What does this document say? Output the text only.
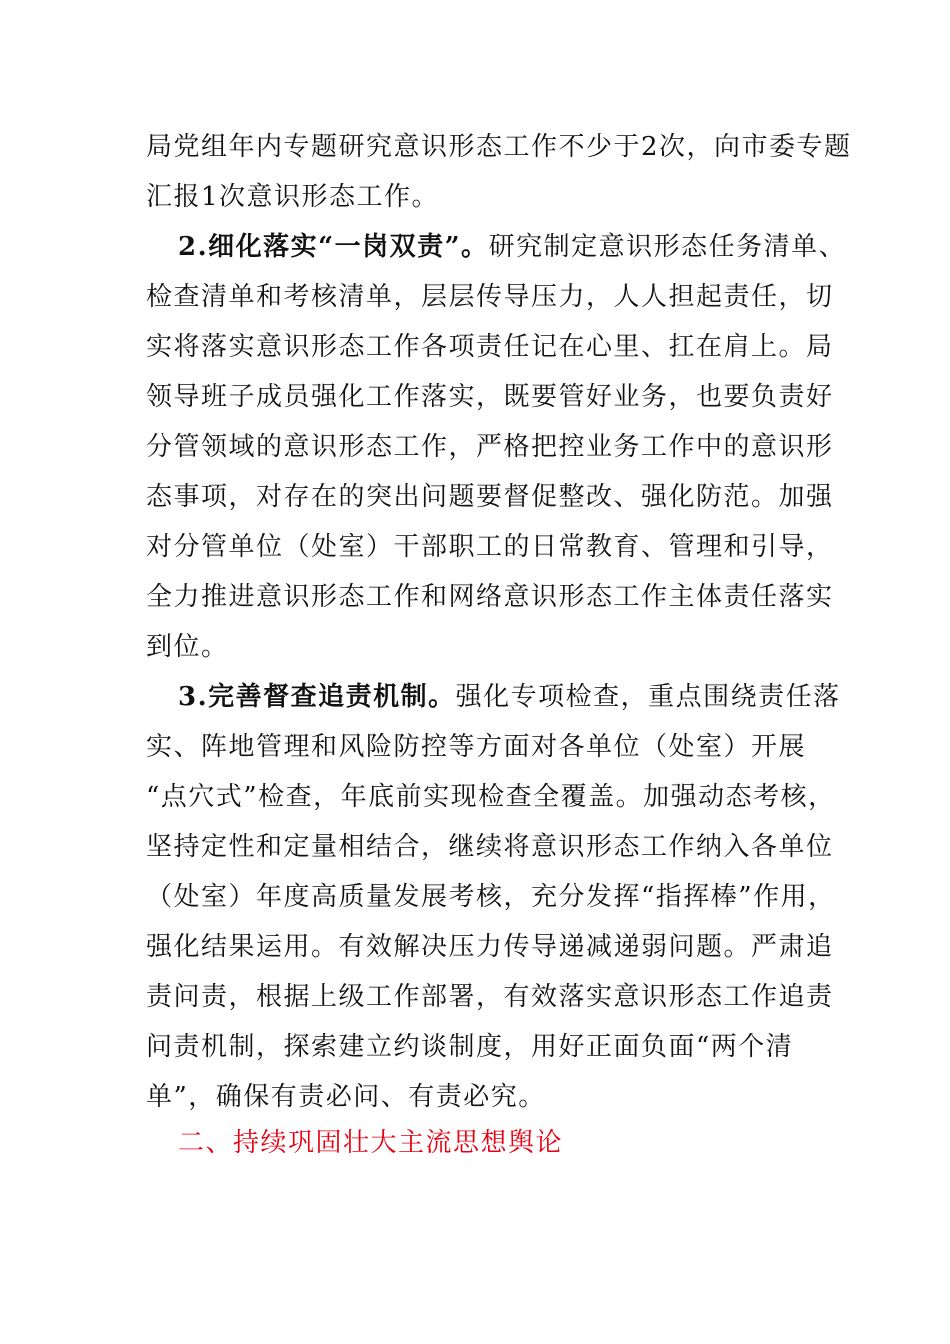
局党组年内专题研究意识形态工作不少于2次，向市委专题
汇报1次意识形态工作。
2.细化落实“一岗双责”。研究制定意识形态任务清单、
检查清单和考核清单，层层传导压力，人人担起责任，切
实将落实意识形态工作各项责任记在心里、扛在肩上。局
领导班子成员强化工作落实，既要管好业务，也要负责好
分管领域的意识形态工作，严格把控业务工作中的意识形
态事项，对存在的突出问题要督促整改、强化防范。加强
对分管单位（处室）干部职工的日常教育、管理和引导，
全力推进意识形态工作和网络意识形态工作主体责任落实
到位。
3.完善督查追责机制。强化专项检查，重点围绕责任落
实、阵地管理和风险防控等方面对各单位（处室）开展
“点穴式”检查，年底前实现检查全覆盖。加强动态考核，
坚持定性和定量相结合，继续将意识形态工作纳入各单位
（处室）年度高质量发展考核，充分发挥“指挥棒”作用，
强化结果运用。有效解决压力传导递减递弱问题。严肃追
责问责，根据上级工作部署，有效落实意识形态工作追责
问责机制，探索建立约谈制度，用好正面负面“两个清
单”，确保有责必问、有责必究。
二、持续巩固壮大主流思想舆论
